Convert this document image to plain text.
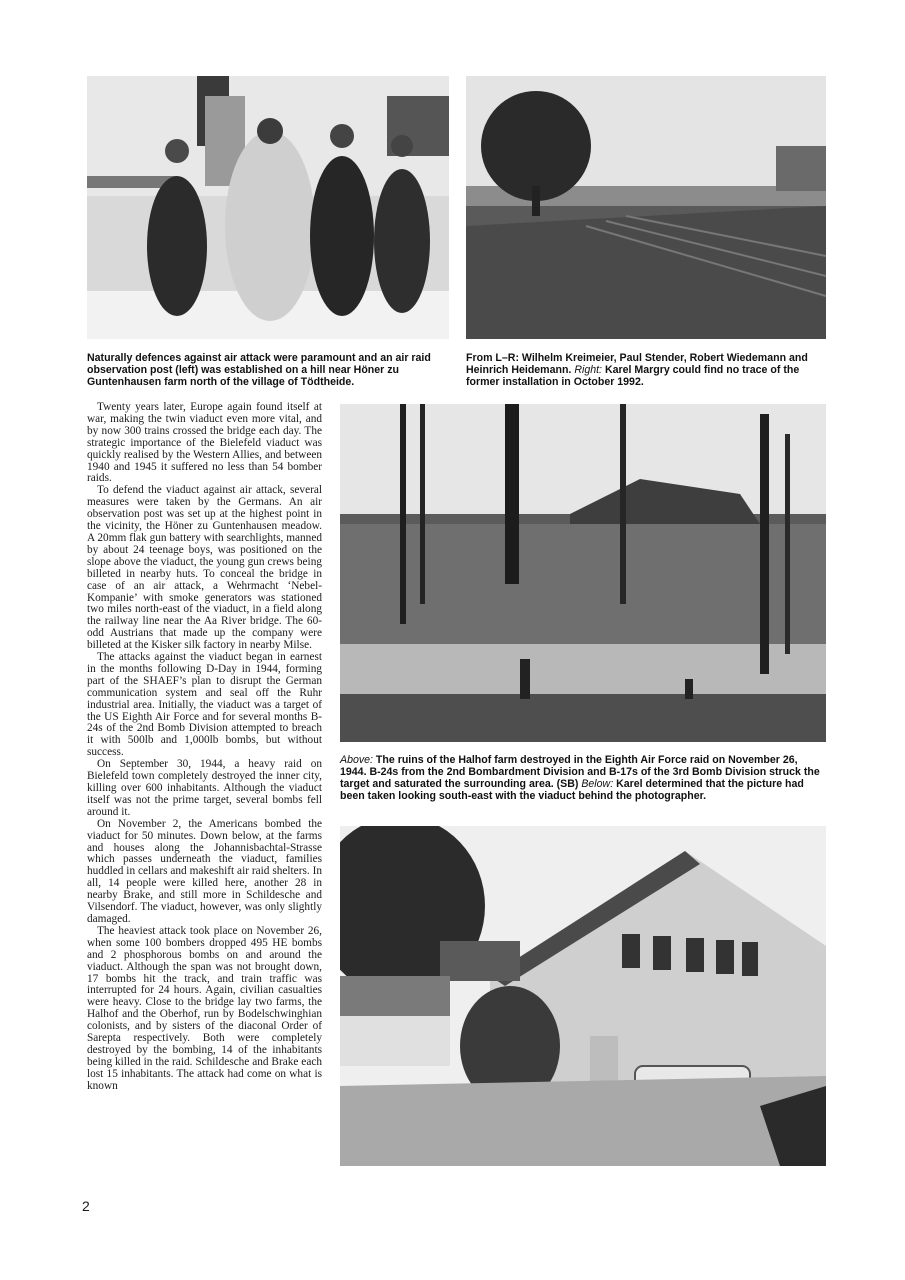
Naturally defences against air attack were paramount and an air raid observation post (left) was established on a hill near Höner zu Guntenhausen farm north of the village of Tödtheide.

From L–R: Wilhelm Kreimeier, Paul Stender, Robert Wiedemann and Heinrich Heidemann. Right: Karel Margry could find no trace of the former installation in October 1992.

Twenty years later, Europe again found itself at war, making the twin viaduct even more vital, and by now 300 trains crossed the bridge each day. The strategic importance of the Bielefeld viaduct was quickly realised by the Western Allies, and between 1940 and 1945 it suffered no less than 54 bomber raids.

To defend the viaduct against air attack, several measures were taken by the Germans. An air observation post was set up at the highest point in the vicinity, the Höner zu Guntenhausen meadow. A 20mm flak gun battery with searchlights, manned by about 24 teenage boys, was positioned on the slope above the viaduct, the young gun crews being billeted in nearby huts. To conceal the bridge in case of an air attack, a Wehrmacht ‘Nebel-Kompanie’ with smoke generators was stationed two miles north-east of the viaduct, in a field along the railway line near the Aa River bridge. The 60-odd Austrians that made up the company were billeted at the Kisker silk factory in nearby Milse.

The attacks against the viaduct began in earnest in the months following D-Day in 1944, forming part of the SHAEF’s plan to disrupt the German communication system and seal off the Ruhr industrial area. Initially, the viaduct was a target of the US Eighth Air Force and for several months B-24s of the 2nd Bomb Division attempted to breach it with 500lb and 1,000lb bombs, but without success.

On September 30, 1944, a heavy raid on Bielefeld town completely destroyed the inner city, killing over 600 inhabitants. Although the viaduct itself was not the prime target, several bombs fell around it.

On November 2, the Americans bombed the viaduct for 50 minutes. Down below, at the farms and houses along the Johannisbachtal-Strasse which passes underneath the viaduct, families huddled in cellars and makeshift air raid shelters. In all, 14 people were killed here, another 28 in nearby Brake, and still more in Schildesche and Vilsendorf. The viaduct, however, was only slightly damaged.

The heaviest attack took place on November 26, when some 100 bombers dropped 495 HE bombs and 2 phosphorous bombs on and around the viaduct. Although the span was not brought down, 17 bombs hit the track, and train traffic was interrupted for 24 hours. Again, civilian casualties were heavy. Close to the bridge lay two farms, the Halhof and the Oberhof, run by Bodelschwinghian colonists, and by sisters of the diaconal Order of Sarepta respectively. Both were completely destroyed by the bombing, 14 of the inhabitants being killed in the raid. Schildesche and Brake each lost 15 inhabitants. The attack had come on what is known

Above: The ruins of the Halhof farm destroyed in the Eighth Air Force raid on November 26, 1944. B-24s from the 2nd Bombardment Division and B-17s of the 3rd Bomb Division struck the target and saturated the surrounding area. (SB) Below: Karel determined that the picture had been taken looking south-east with the viaduct behind the photographer.

2
